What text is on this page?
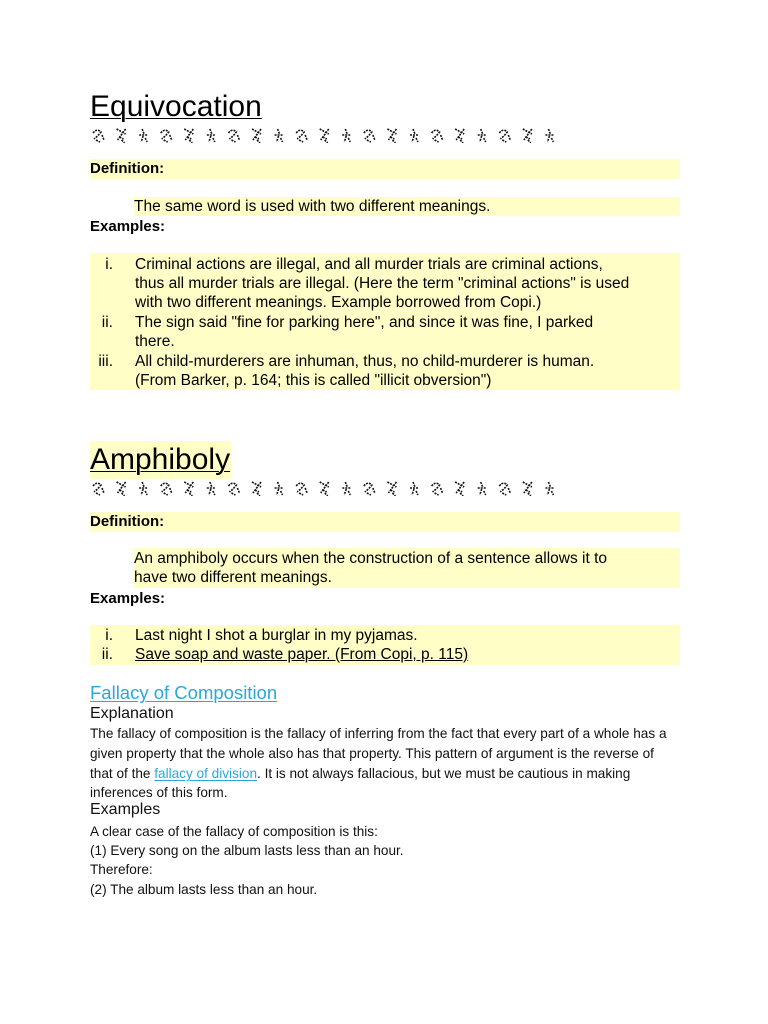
Equivocation
Definition:
The same word is used with two different meanings.
Examples:
i. Criminal actions are illegal, and all murder trials are criminal actions,
thus all murder trials are illegal. (Here the term "criminal actions" is used
with two different meanings. Example borrowed from Copi.)
ii. The sign said "fine for parking here", and since it was fine, I parked
there.
iii. All child-murderers are inhuman, thus, no child-murderer is human.
(From Barker, p. 164; this is called "illicit obversion")
Amphiboly
Definition:
An amphiboly occurs when the construction of a sentence allows it to
have two different meanings.
Examples:
i. Last night I shot a burglar in my pyjamas.
ii. Save soap and waste paper. (From Copi, p. 115)
Fallacy of Composition
Explanation
The fallacy of composition is the fallacy of inferring from the fact that every part of a whole has a
given property that the whole also has that property. This pattern of argument is the reverse of
that of the fallacy of division. It is not always fallacious, but we must be cautious in making
inferences of this form.
Examples
A clear case of the fallacy of composition is this:
(1) Every song on the album lasts less than an hour.
Therefore:
(2) The album lasts less than an hour.
